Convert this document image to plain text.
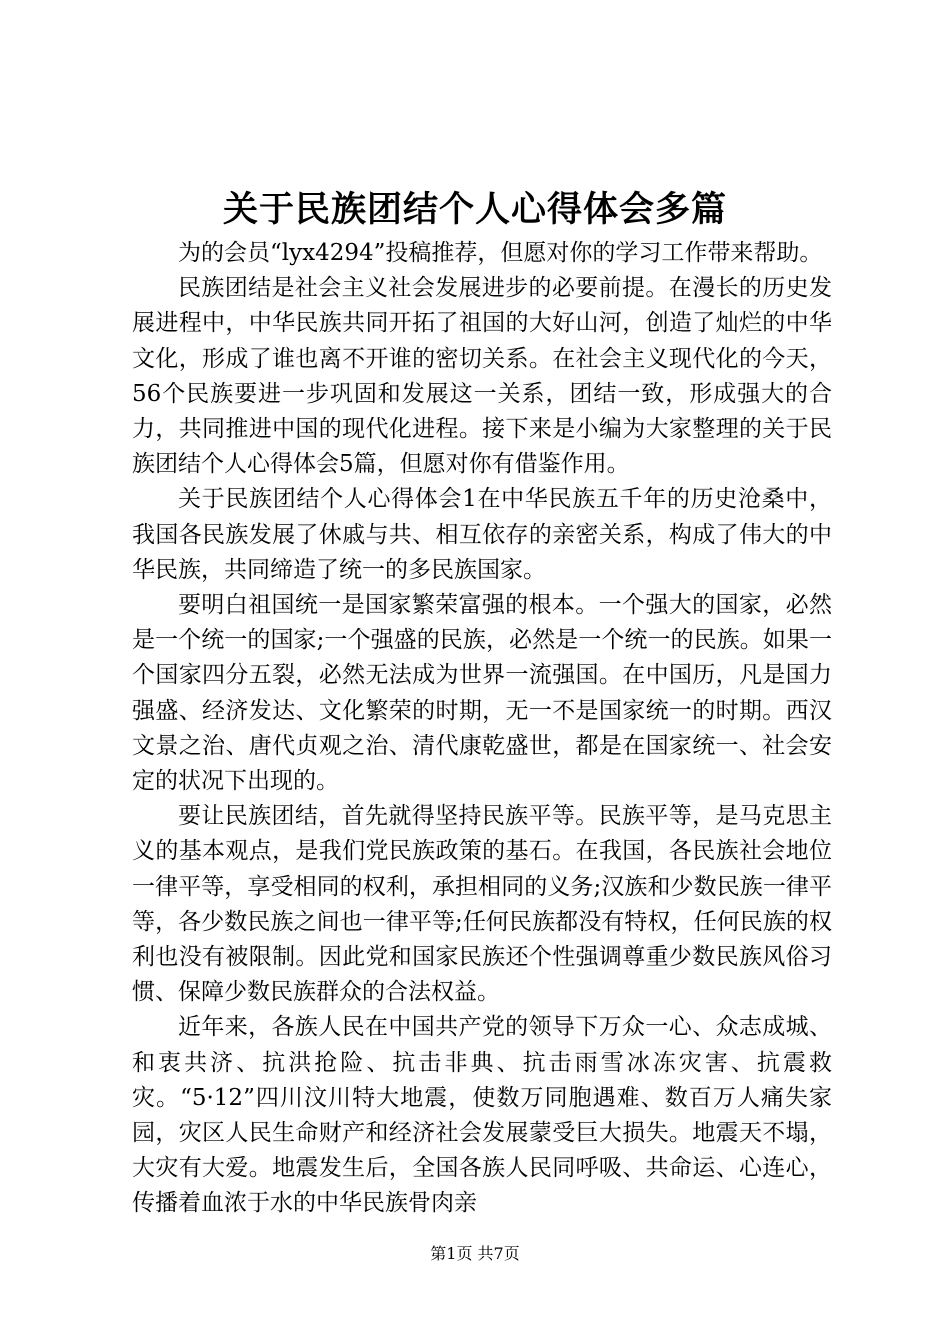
关于民族团结个人心得体会多篇

为的会员“lyx4294”投稿推荐，但愿对你的学习工作带来帮助。

民族团结是社会主义社会发展进步的必要前提。在漫长的历史发展进程中，中华民族共同开拓了祖国的大好山河，创造了灿烂的中华文化，形成了谁也离不开谁的密切关系。在社会主义现代化的今天，56个民族要进一步巩固和发展这一关系，团结一致，形成强大的合力，共同推进中国的现代化进程。接下来是小编为大家整理的关于民族团结个人心得体会5篇，但愿对你有借鉴作用。

关于民族团结个人心得体会1在中华民族五千年的历史沧桑中，我国各民族发展了休戚与共、相互依存的亲密关系，构成了伟大的中华民族，共同缔造了统一的多民族国家。

要明白祖国统一是国家繁荣富强的根本。一个强大的国家，必然是一个统一的国家;一个强盛的民族，必然是一个统一的民族。如果一个国家四分五裂，必然无法成为世界一流强国。在中国历，凡是国力强盛、经济发达、文化繁荣的时期，无一不是国家统一的时期。西汉文景之治、唐代贞观之治、清代康乾盛世，都是在国家统一、社会安定的状况下出现的。

要让民族团结，首先就得坚持民族平等。民族平等，是马克思主义的基本观点，是我们党民族政策的基石。在我国，各民族社会地位一律平等，享受相同的权利，承担相同的义务;汉族和少数民族一律平等，各少数民族之间也一律平等;任何民族都没有特权，任何民族的权利也没有被限制。因此党和国家民族还个性强调尊重少数民族风俗习惯、保障少数民族群众的合法权益。

近年来，各族人民在中国共产党的领导下万众一心、众志成城、和衷共济、抗洪抢险、抗击非典、抗击雨雪冰冻灾害、抗震救灾。“5·12”四川汶川特大地震，使数万同胞遇难、数百万人痛失家园，灾区人民生命财产和经济社会发展蒙受巨大损失。地震天不塌，大灾有大爱。地震发生后，全国各族人民同呼吸、共命运、心连心，传播着血浓于水的中华民族骨肉亲

第1页 共7页
